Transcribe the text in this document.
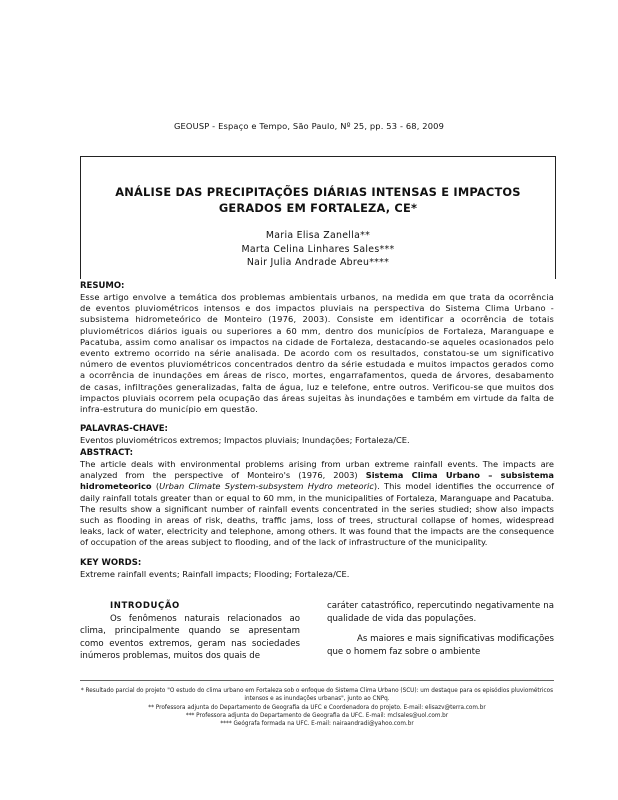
GEOUSP - Espaço e Tempo, São Paulo, Nº 25, pp. 53 - 68, 2009
ANÁLISE DAS PRECIPITAÇÕES DIÁRIAS INTENSAS E IMPACTOS
GERADOS EM FORTALEZA, CE*
Maria Elisa Zanella**
Marta Celina Linhares Sales***
Nair Julia Andrade Abreu****

RESUMO:

Esse artigo envolve a temática dos problemas ambientais urbanos, na medida em que trata da ocorrência de eventos pluviométricos intensos e dos impactos pluviais na perspectiva do Sistema Clima Urbano - subsistema hidrometeórico de Monteiro (1976, 2003). Consiste em identificar a ocorrência de totais pluviométricos diários iguais ou superiores a 60 mm, dentro dos municípios de Fortaleza, Maranguape e Pacatuba, assim como analisar os impactos na cidade de Fortaleza, destacando-se aqueles ocasionados pelo evento extremo ocorrido na série analisada. De acordo com os resultados, constatou-se um significativo número de eventos pluviométricos concentrados dentro da série estudada e muitos impactos gerados como a ocorrência de inundações em áreas de risco, mortes, engarrafamentos, queda de árvores, desabamento de casas, infiltrações generalizadas, falta de água, luz e telefone, entre outros. Verificou-se que muitos dos impactos pluviais ocorrem pela ocupação das áreas sujeitas às inundações e também em virtude da falta de infra-estrutura do município em questão.

PALAVRAS-CHAVE:

Eventos pluviométricos extremos; Impactos pluviais; Inundações; Fortaleza/CE.

ABSTRACT:

The article deals with environmental problems arising from urban extreme rainfall events. The impacts are analyzed from the perspective of Monteiro's (1976, 2003) Sistema Clima Urbano – subsistema hidrometeorico (Urban Climate System-subsystem Hydro meteoric). This model identifies the occurrence of daily rainfall totals greater than or equal to 60 mm, in the municipalities of Fortaleza, Maranguape and Pacatuba. The results show a significant number of rainfall events concentrated in the series studied; show also impacts such as flooding in areas of risk, deaths, traffic jams, loss of trees, structural collapse of homes, widespread leaks, lack of water, electricity and telephone, among others. It was found that the impacts are the consequence of occupation of the areas subject to flooding, and of the lack of infrastructure of the municipality.

KEY WORDS:

Extreme rainfall events; Rainfall impacts; Flooding; Fortaleza/CE.

INTRODUÇÃO

Os fenômenos naturais relacionados ao clima, principalmente quando se apresentam como eventos extremos, geram nas sociedades inúmeros problemas, muitos dos quais de

caráter catastrófico, repercutindo negativamente na qualidade de vida das populações.

As maiores e mais significativas modificações que o homem faz sobre o ambiente

* Resultado parcial do projeto "O estudo do clima urbano em Fortaleza sob o enfoque do Sistema Clima Urbano (SCU): um destaque para os episódios pluviométricos intensos e as inundações urbanas", junto ao CNPq.

** Professora adjunta do Departamento de Geografia da UFC e Coordenadora do projeto. E-mail: elisazv@terra.com.br

*** Professora adjunta do Departamento de Geografia da UFC. E-mail: mclsales@uol.com.br

**** Geógrafa formada na UFC. E-mail: nairaandradi@yahoo.com.br
